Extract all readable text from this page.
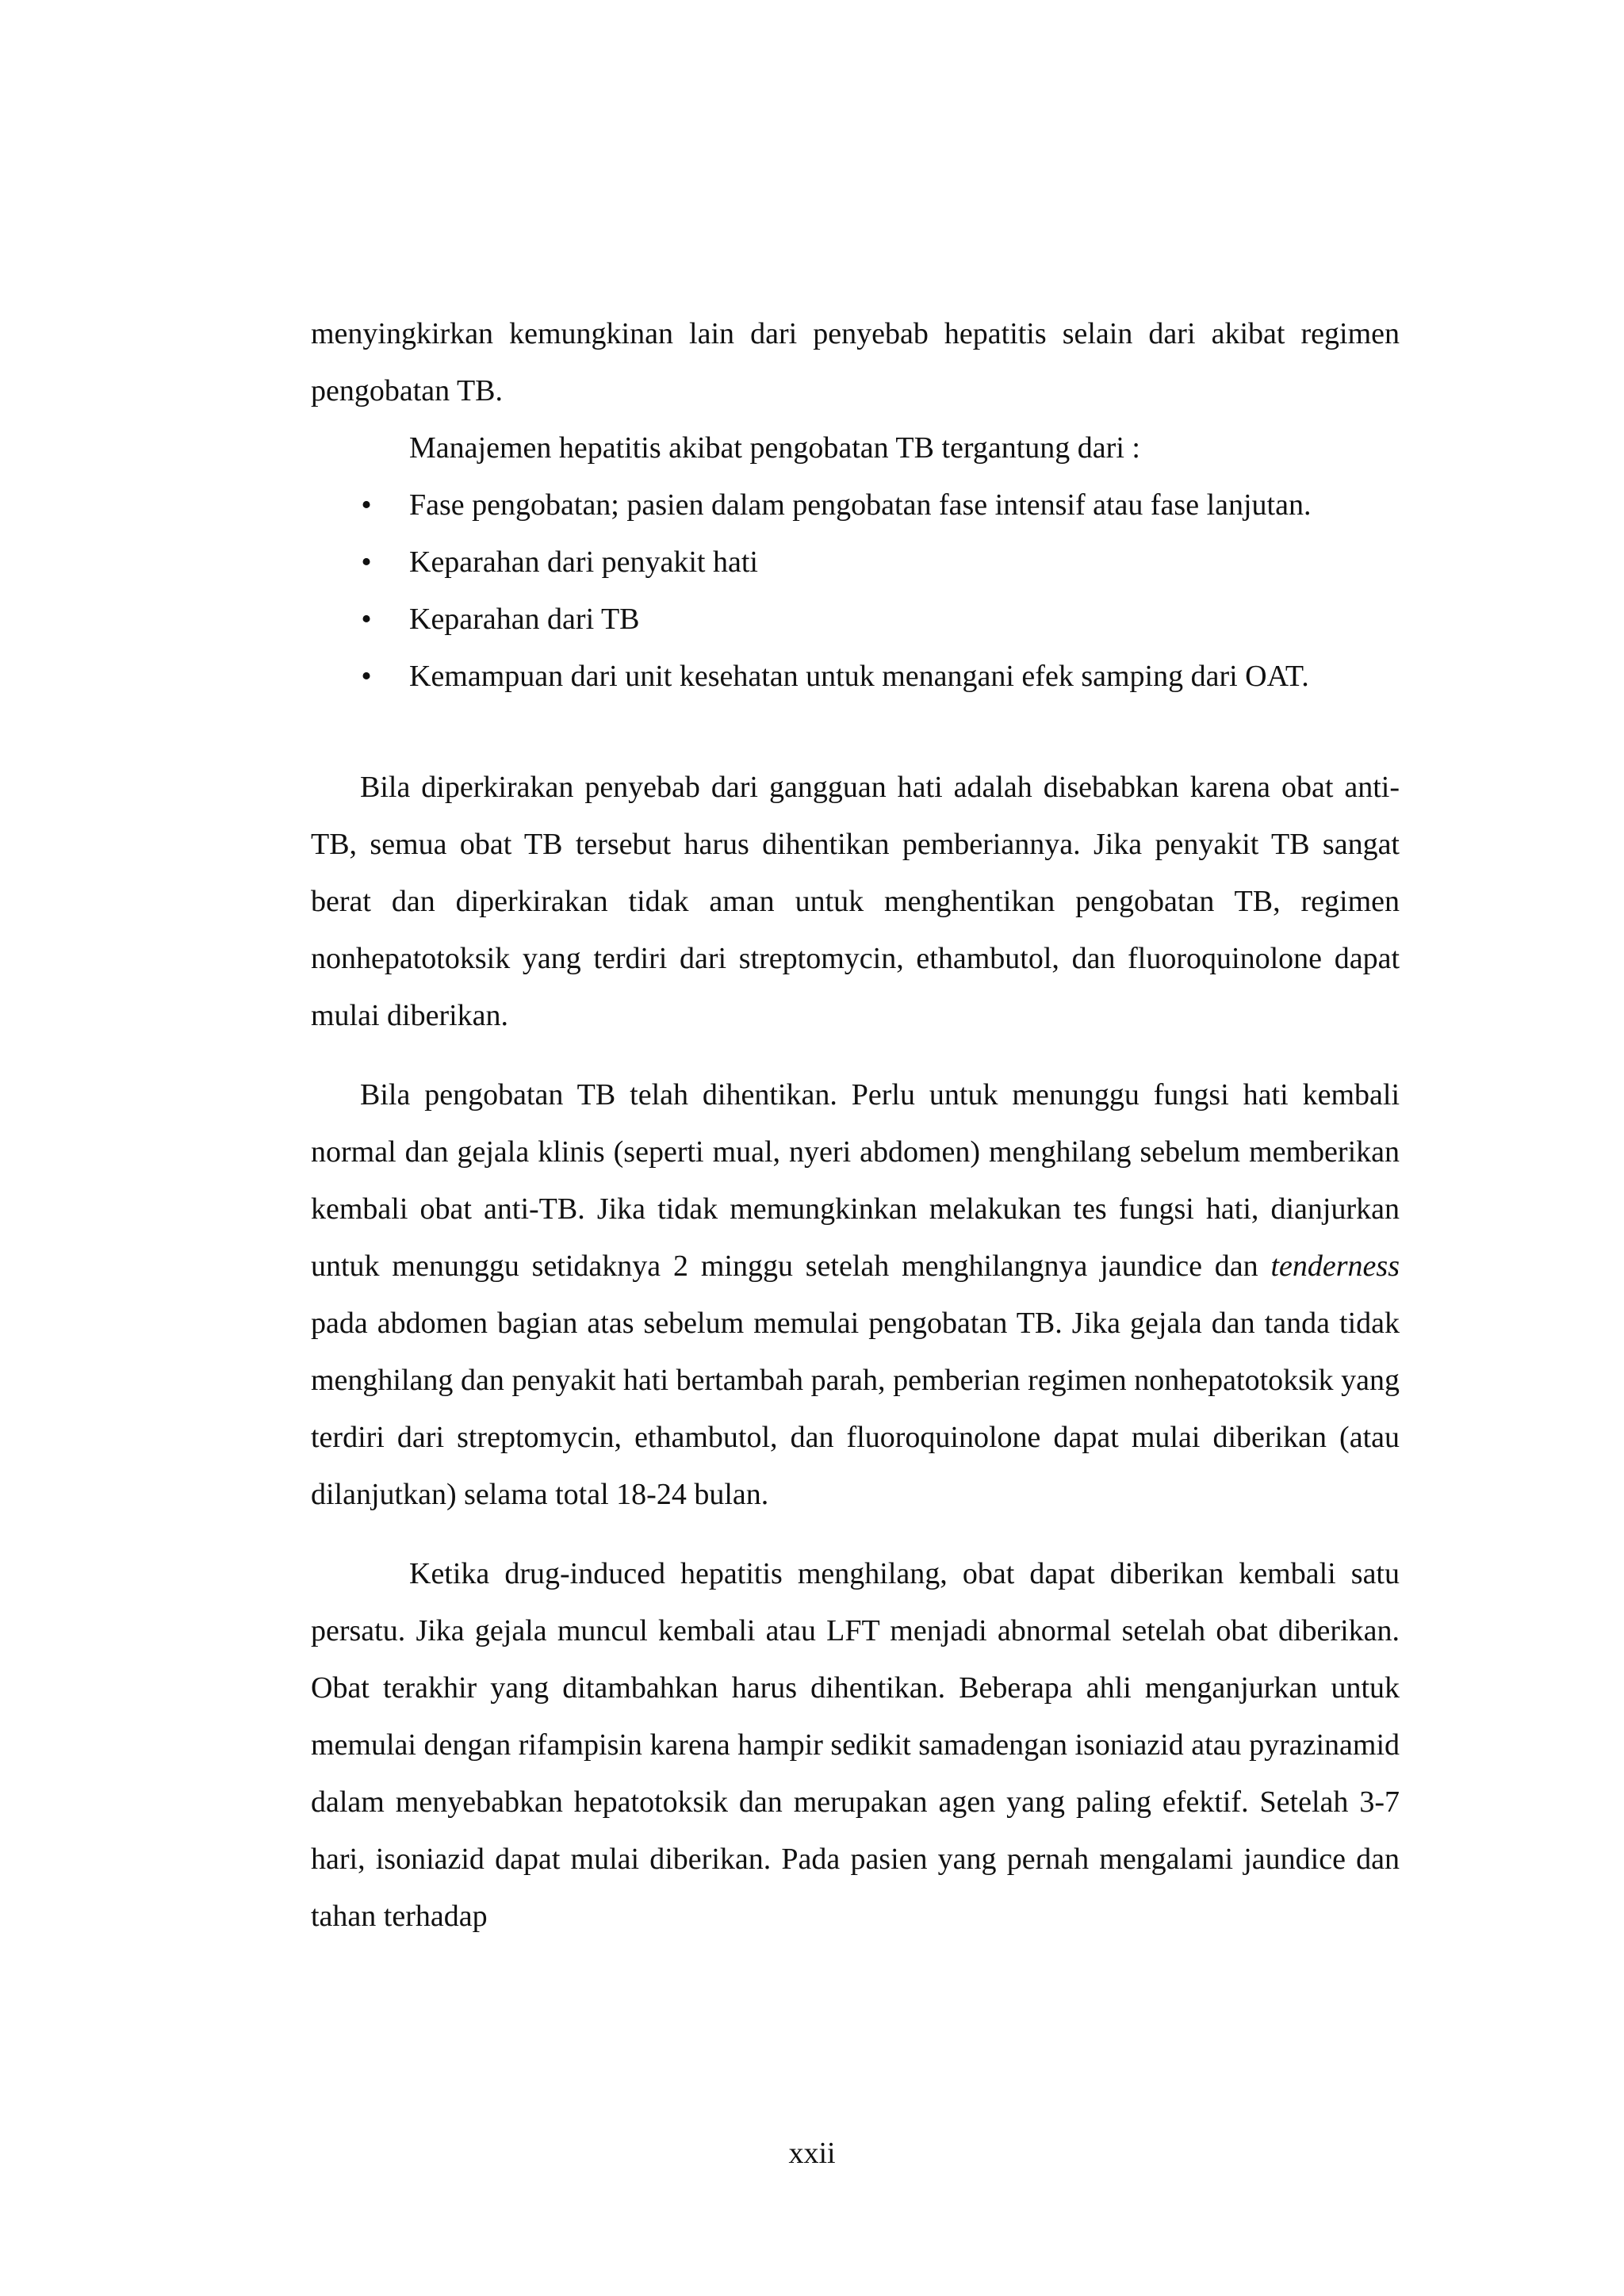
menyingkirkan kemungkinan lain dari penyebab hepatitis selain dari akibat regimen pengobatan TB.

Manajemen hepatitis akibat pengobatan TB tergantung dari :

• Fase pengobatan; pasien dalam pengobatan fase intensif atau fase lanjutan.
• Keparahan dari penyakit hati
• Keparahan dari TB
• Kemampuan dari unit kesehatan untuk menangani efek samping dari OAT.

Bila diperkirakan penyebab dari gangguan hati adalah disebabkan karena obat anti-TB, semua obat TB tersebut harus dihentikan pemberiannya. Jika penyakit TB sangat berat dan diperkirakan tidak aman untuk menghentikan pengobatan TB, regimen nonhepatotoksik yang terdiri dari streptomycin, ethambutol, dan fluoroquinolone dapat mulai diberikan.

Bila pengobatan TB telah dihentikan. Perlu untuk menunggu fungsi hati kembali normal dan gejala klinis (seperti mual, nyeri abdomen) menghilang sebelum memberikan kembali obat anti-TB. Jika tidak memungkinkan melakukan tes fungsi hati, dianjurkan untuk menunggu setidaknya 2 minggu setelah menghilangnya jaundice dan tenderness pada abdomen bagian atas sebelum memulai pengobatan TB. Jika gejala dan tanda tidak menghilang dan penyakit hati bertambah parah, pemberian regimen nonhepatotoksik yang terdiri dari streptomycin, ethambutol, dan fluoroquinolone dapat mulai diberikan (atau dilanjutkan) selama total 18-24 bulan.

Ketika drug-induced hepatitis menghilang, obat dapat diberikan kembali satu persatu. Jika gejala muncul kembali atau LFT menjadi abnormal setelah obat diberikan. Obat terakhir yang ditambahkan harus dihentikan. Beberapa ahli menganjurkan untuk memulai dengan rifampisin karena hampir sedikit samadengan isoniazid atau pyrazinamid dalam menyebabkan hepatotoksik dan merupakan agen yang paling efektif. Setelah 3-7 hari, isoniazid dapat mulai diberikan. Pada pasien yang pernah mengalami jaundice dan tahan terhadap

xxii
